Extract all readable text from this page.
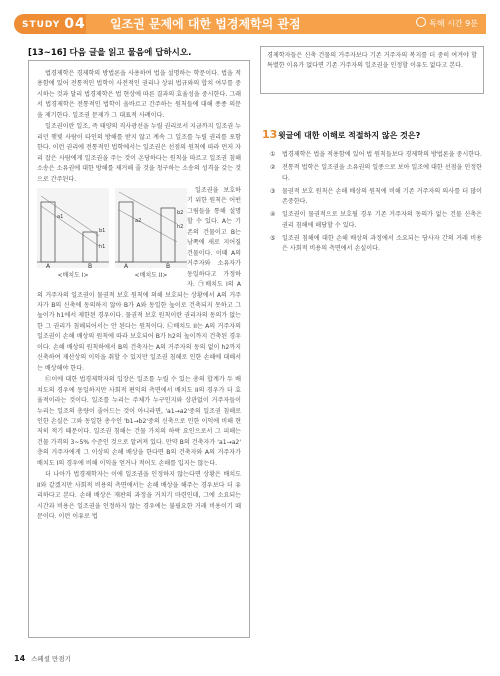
STUDY 04 일조권 문제에 대한 법경제학의 관점	독해 시간 9분
[13~16] 다음 글을 읽고 물음에 답하시오.

법경제학은 경제학의 방법론을 사용하여 법을 설명하는 학문이다. 법을 적용함에 있어 전통적인 법학이 사전적인 권리나 상위 법규와의 합치 여부를 중시하는 것과 달리 법경제학은 법 현상에 따른 결과의 효율성을 중시한다. 그래서 법경제학은 전통적인 법학이 올바르고 간주하는 원칙들에 대해 종종 의문을 제기한다. 일조권 문제가 그 대표적 사례이다.

일조권이란 일조, 즉 태양의 직사광선을 누릴 권리로서 지금까지 일조권 누리던 햇빛 사람이 타인의 방해를 받지 않고 계속 그 일조를 누릴 권리를 포함한다. 이런 권리에 전통적인 법학에서는 일조권은 선점의 원칙에 따라 먼저 자리 잡은 사람에게 일조권을 주는 것이 온당하다는 원칙을 따르고 일조권 침해 소송은 소유권에 대한 방해를 제거해 줄 것을 청구하는 소송의 성격을 갖는 것으로 간주된다.

A	B
a1
b1
h1
<배치도 I>
A	B
a2
b2
h2
<배치도 II>

일조권을 보호하기 위한 원칙은 어떤 그림들을 통해 설명할 수 있다. A는 기존의 건물이고 B는 남쪽에 새로 지어질 건물이다. 이때 A의 거주자와 소유자가 동일하다고 가정하자. ㉠배치도 I의 A의 거주자의 일조권이 물권적 보호 원칙에 의해 보호되는 상황에서 A의 거주자가 B의 신축에 동의하지 않아 B가 A와 동일한 높이로 건축되지 못하고 그 높이가 h1에서 제한된 경우이다. 물권적 보호 원칙이란 권리자의 동의가 없는 한 그 권리가 침해되어서는 안 된다는 원칙이다. ㉡배치도 II는 A의 거주자의 일조권이 손해 배상의 원칙에 따라 보호되어 B가 h2의 높이까지 건축된 경우이다. 손해 배상의 원칙하에서 B의 건축자는 A의 거주자의 동의 없이 h2까지 신축하여 재산상의 이익을 취할 수 있지만 일조권 침해로 인한 손해에 대해서는 배상해야 한다.

㉢이에 대한 법경제학자의 입장은 일조를 누릴 수 있는 총의 합계가 두 배치도의 경우에 동일하지만 사회적 편익의 측면에서 배치도 II의 경우가 더 효율적이라는 것이다. 일조를 누리는 주체가 누구인지와 상관없이 거주자들이 누리는 일조의 총량이 줄어드는 것이 아니라면, 'a1→a2'중의 일조권 침해로 인한 손실은 그와 동일한 총수인 'b1→b2'중의 신축으로 인한 이익에 비해 현저히 적기 때문이다. 일조권 침해는 건물 가치의 하락 요인으로서 그 피해는 건물 가격의 3~5% 수준인 것으로 알려져 있다. 만약 B의 건축자가 'a1→a2' 층의 거주자에게 그 이상의 손해 배상을 한다면 B의 건축자와 A의 거주자가 배치도 I의 경우에 비해 이익을 얻거나 적어도 손해를 입지는 않는다.

더 나아가 법경제학자는 이에 일조권을 인정하지 않는다면 상황은 배치도 II와 같겠지만 사회적 비용의 측면에서는 손해 배상을 해주는 경우보다 더 유리하다고 본다. 손해 배상은 재판의 과정을 거치기 마련인데, 그에 소요되는 시간과 비용은 일조권을 인정하지 않는 경우에는 불필요한 거래 비용이기 때문이다. 이런 이유로 법

경제학자들은 신축 건물의 거주자보다 기존 거주자의 복지를 더 중히 여겨야 할 특별한 이유가 없다면 기존 거주자의 일조권을 인정할 이유도 없다고 본다.

13 윗글에 대한 이해로 적절하지 않은 것은?
①	법경제학은 법을 적용함에 있어 법 원칙들보다 경제학의 방법론을 중시한다.
②	전통적 법학은 일조권을 소유권의 일종으로 보아 일조에 대한 선점을 인정한다.
③	물권적 보호 원칙은 손해 배상의 원칙에 비해 기존 거주자의 의사를 더 많이 존중한다.
④	일조권이 물권적으로 보호될 경우 기존 거주자의 동의가 없는 건물 신축은 권리 침해에 해당할 수 있다.
⑤	일조권 침해에 대한 손해 배상의 과정에서 소요되는 당사자 간의 거래 비용은 사회적 비용의 측면에서 손실이다.
14 스페셜 만점기
